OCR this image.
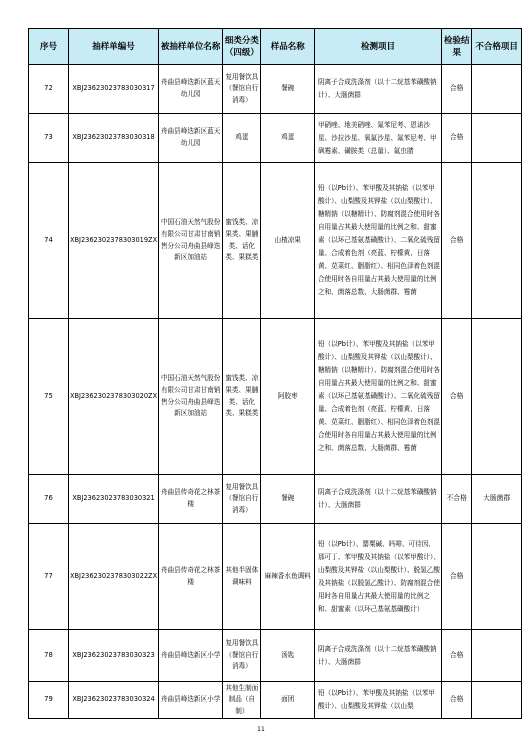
序号	抽样单编号	被抽样单位名称	细类分类（四级）	样品名称	检测项目	检验结果	不合格项目
72	XBJ23623023783030317	舟曲县峰迭新区蓝天幼儿园	复用餐饮具（餐馆自行消毒）	餐碗	阴离子合成洗涤剂（以十二烷基苯磺酸钠计）、大肠菌群	合格	
73	XBJ23623023783030318	舟曲县峰迭新区蓝天幼儿园	鸡蛋	鸡蛋	甲硝唑、地美硝唑、氟苯尼考、恩诺沙星、沙拉沙星、氧氟沙星、氟苯尼考、甲砜霉素、磺胺类（总量）、氟虫腈	合格	
74	XBJ2362302378303019ZX	中国石油天然气股份有限公司甘肃甘南销售分公司舟曲县峰迭新区加油站	蜜饯类、凉果类、果脯类、话化类、果糕类	山楂凉果	铅（以Pb计）、苯甲酸及其钠盐（以苯甲酸计）、山梨酸及其钾盐（以山梨酸计）、糖精钠（以糖精计）、防腐剂混合使用时各自用量占其最大使用量的比例之和、甜蜜素（以环己基氨基磺酸计）、二氧化硫残留量、合成着色剂（亮蓝、柠檬黄、日落黄、苋菜红、胭脂红）、相同色泽着色剂混合使用时各自用量占其最大使用量的比例之和、菌落总数、大肠菌群、霉菌	合格	
75	XBJ2362302378303020ZX	中国石油天然气股份有限公司甘肃甘南销售分公司舟曲县峰迭新区加油站	蜜饯类、凉果类、果脯类、话化类、果糕类	阿胶枣	铅（以Pb计）、苯甲酸及其钠盐（以苯甲酸计）、山梨酸及其钾盐（以山梨酸计）、糖精钠（以糖精计）、防腐剂混合使用时各自用量占其最大使用量的比例之和、甜蜜素（以环己基氨基磺酸计）、二氧化硫残留量、合成着色剂（亮蓝、柠檬黄、日落黄、苋菜红、胭脂红）、相同色泽着色剂混合使用时各自用量占其最大使用量的比例之和、菌落总数、大肠菌群、霉菌	合格	
76	XBJ23623023783030321	舟曲县传奇花之林茶楼	复用餐饮具（餐馆自行消毒）	餐碗	阴离子合成洗涤剂（以十二烷基苯磺酸钠计）、大肠菌群	不合格	大肠菌群
77	XBJ2362302378303022ZX	舟曲县传奇花之林茶楼	其他半固体调味料	麻辣香水鱼调料	铅（以Pb计）、罂粟碱、吗啡、可待因、那可丁、苯甲酸及其钠盐（以苯甲酸计）、山梨酸及其钾盐（以山梨酸计）、脱氢乙酸及其钠盐（以脱氢乙酸计）、防腐剂混合使用时各自用量占其最大使用量的比例之和、甜蜜素（以环己基氨基磺酸计）	合格	
78	XBJ23623023783030323	舟曲县峰迭新区小学	复用餐饮具（餐馆自行消毒）	汤匙	阴离子合成洗涤剂（以十二烷基苯磺酸钠计）、大肠菌群	合格	
79	XBJ23623023783030324	舟曲县峰迭新区小学	其他生制面制品（自制）	面团	铅（以Pb计）、苯甲酸及其钠盐（以苯甲酸计）、山梨酸及其钾盐（以山梨	合格	
11
